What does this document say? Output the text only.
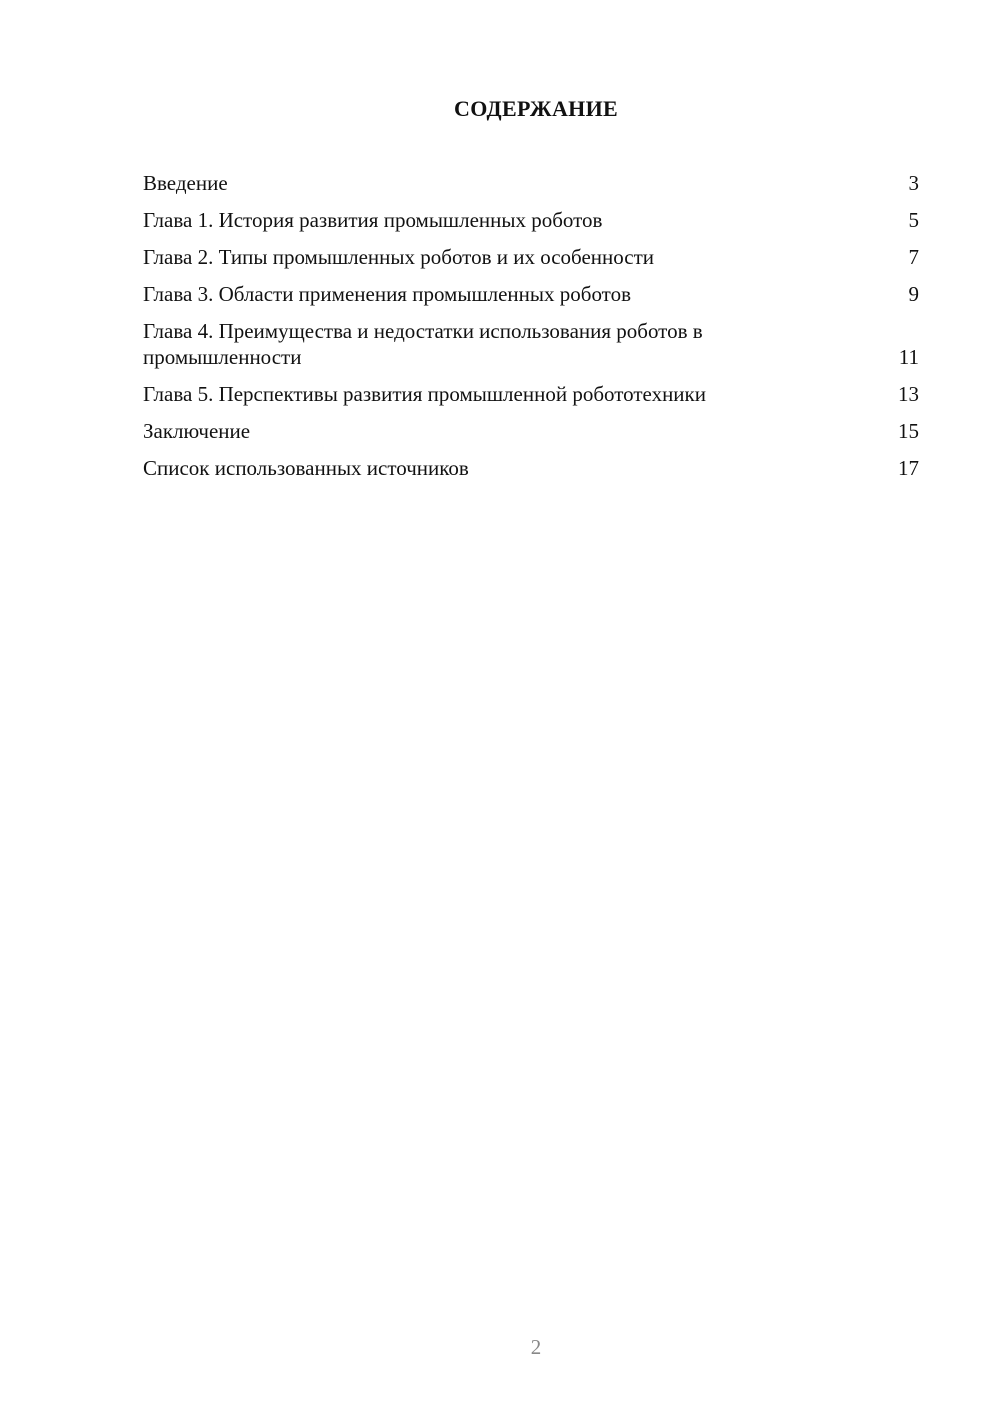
СОДЕРЖАНИЕ
Введение	3
Глава 1. История развития промышленных роботов	5
Глава 2. Типы промышленных роботов и их особенности	7
Глава 3. Области применения промышленных роботов	9
Глава 4. Преимущества и недостатки использования роботов в
промышленности	11
Глава 5. Перспективы развития промышленной робототехники	13
Заключение	15
Список использованных источников	17
2
